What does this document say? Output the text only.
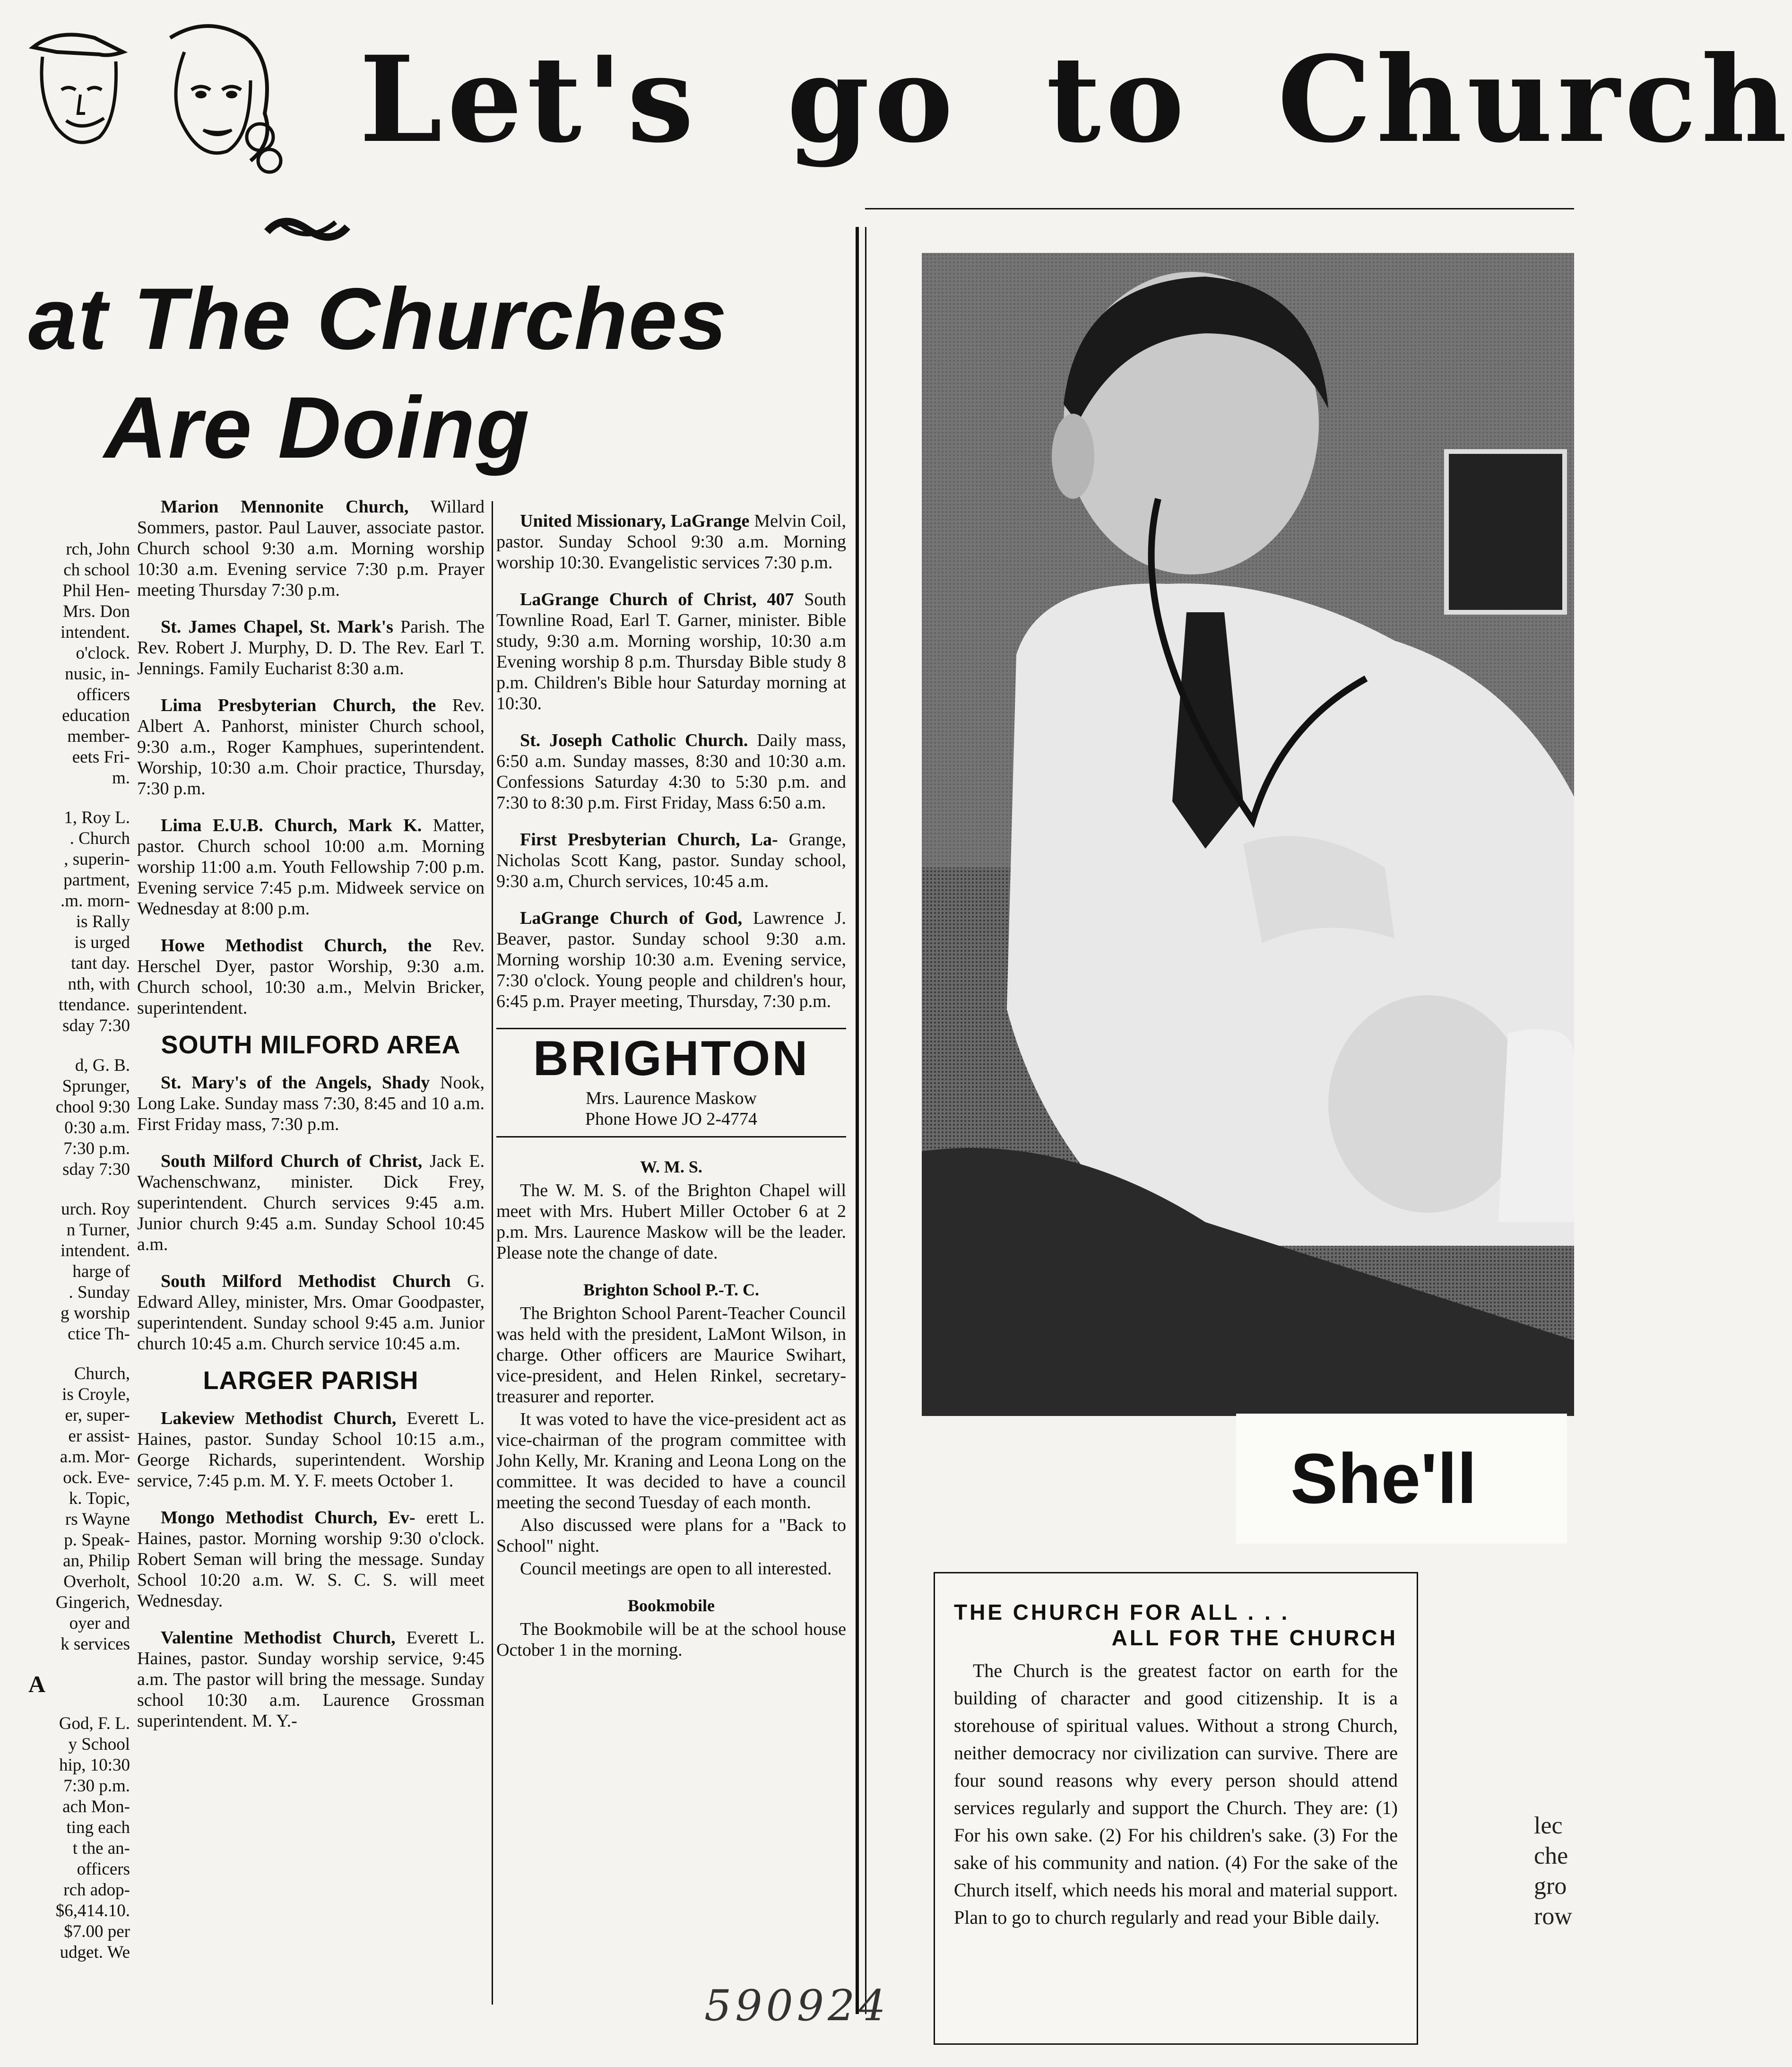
Let's go to Church
at The Churches
Are Doing
rch, John
ch school
Phil Hen-
Mrs. Don
intendent.
o'clock.
nusic, in-
officers
education
member-
eets Fri-
m.
1, Roy L.
. Church
, superin-
partment,
.m. morn-
is Rally
is urged
tant day.
nth, with
ttendance.
sday 7:30
d, G. B.
Sprunger,
chool 9:30
0:30 a.m.
7:30 p.m.
sday 7:30
urch. Roy
n Turner,
intendent.
harge of
. Sunday
g worship
ctice Th-
Church,
is Croyle,
er, super-
er assist-
a.m. Mor-
ock. Eve-
k. Topic,
rs Wayne
p. Speak-
an, Philip
Overholt,
Gingerich,
oyer and
k services
A
God, F. L.
y School
hip, 10:30
7:30 p.m.
ach Mon-
ting each
t the an-
officers
rch adop-
$6,414.10.
$7.00 per
udget. We
Marion Mennonite Church, Willard Sommers, pastor. Paul Lauver, associate pastor. Church school 9:30 a.m. Morning worship 10:30 a.m. Evening service 7:30 p.m. Prayer meeting Thursday 7:30 p.m.
St. James Chapel, St. Mark's Parish. The Rev. Robert J. Murphy, D. D. The Rev. Earl T. Jennings. Family Eucharist 8:30 a.m.
Lima Presbyterian Church, the Rev. Albert A. Panhorst, minister Church school, 9:30 a.m., Roger Kamphues, superintendent. Worship, 10:30 a.m. Choir practice, Thursday, 7:30 p.m.
Lima E.U.B. Church, Mark K. Matter, pastor. Church school 10:00 a.m. Morning worship 11:00 a.m. Youth Fellowship 7:00 p.m. Evening service 7:45 p.m. Midweek service on Wednesday at 8:00 p.m.
Howe Methodist Church, the Rev. Herschel Dyer, pastor Worship, 9:30 a.m. Church school, 10:30 a.m., Melvin Bricker, superintendent.
SOUTH MILFORD AREA
St. Mary's of the Angels, Shady Nook, Long Lake. Sunday mass 7:30, 8:45 and 10 a.m. First Friday mass, 7:30 p.m.
South Milford Church of Christ, Jack E. Wachenschwanz, minister. Dick Frey, superintendent. Church services 9:45 a.m. Junior church 9:45 a.m. Sunday School 10:45 a.m.
South Milford Methodist Church G. Edward Alley, minister, Mrs. Omar Goodpaster, superintendent. Sunday school 9:45 a.m. Junior church 10:45 a.m. Church service 10:45 a.m.
LARGER PARISH
Lakeview Methodist Church, Everett L. Haines, pastor. Sunday School 10:15 a.m., George Richards, superintendent. Worship service, 7:45 p.m. M. Y. F. meets October 1.
Mongo Methodist Church, Ev- erett L. Haines, pastor. Morning worship 9:30 o'clock. Robert Seman will bring the message. Sunday School 10:20 a.m. W. S. C. S. will meet Wednesday.
Valentine Methodist Church, Everett L. Haines, pastor. Sunday worship service, 9:45 a.m. The pastor will bring the message. Sunday school 10:30 a.m. Laurence Grossman superintendent. M. Y.-
United Missionary, LaGrange Melvin Coil, pastor. Sunday School 9:30 a.m. Morning worship 10:30. Evangelistic services 7:30 p.m.
LaGrange Church of Christ, 407 South Townline Road, Earl T. Garner, minister. Bible study, 9:30 a.m. Morning worship, 10:30 a.m Evening worship 8 p.m. Thursday Bible study 8 p.m. Children's Bible hour Saturday morning at 10:30.
St. Joseph Catholic Church. Daily mass, 6:50 a.m. Sunday masses, 8:30 and 10:30 a.m. Confessions Saturday 4:30 to 5:30 p.m. and 7:30 to 8:30 p.m. First Friday, Mass 6:50 a.m.
First Presbyterian Church, La- Grange, Nicholas Scott Kang, pastor. Sunday school, 9:30 a.m, Church services, 10:45 a.m.
LaGrange Church of God, Lawrence J. Beaver, pastor. Sunday school 9:30 a.m. Morning worship 10:30 a.m. Evening service, 7:30 o'clock. Young people and children's hour, 6:45 p.m. Prayer meeting, Thursday, 7:30 p.m.
BRIGHTON
Mrs. Laurence Maskow
Phone Howe JO 2-4774
W. M. S.
The W. M. S. of the Brighton Chapel will meet with Mrs. Hubert Miller October 6 at 2 p.m. Mrs. Laurence Maskow will be the leader. Please note the change of date.
Brighton School P.-T. C.
The Brighton School Parent-Teacher Council was held with the president, LaMont Wilson, in charge. Other officers are Maurice Swihart, vice-president, and Helen Rinkel, secretary-treasurer and reporter.
It was voted to have the vice-president act as vice-chairman of the program committee with John Kelly, Mr. Kraning and Leona Long on the committee. It was decided to have a council meeting the second Tuesday of each month.
Also discussed were plans for a "Back to School" night.
Council meetings are open to all interested.
Bookmobile
The Bookmobile will be at the school house October 1 in the morning.
She'll
THE CHURCH FOR ALL . . .
ALL FOR THE CHURCH
The Church is the greatest factor on earth for the building of character and good citizenship. It is a storehouse of spiritual values. Without a strong Church, neither democracy nor civilization can survive. There are four sound reasons why every person should attend services regularly and support the Church. They are: (1) For his own sake. (2) For his children's sake. (3) For the sake of his community and nation. (4) For the sake of the Church itself, which needs his moral and material support. Plan to go to church regularly and read your Bible daily.
lec
che
gro
row
590924
